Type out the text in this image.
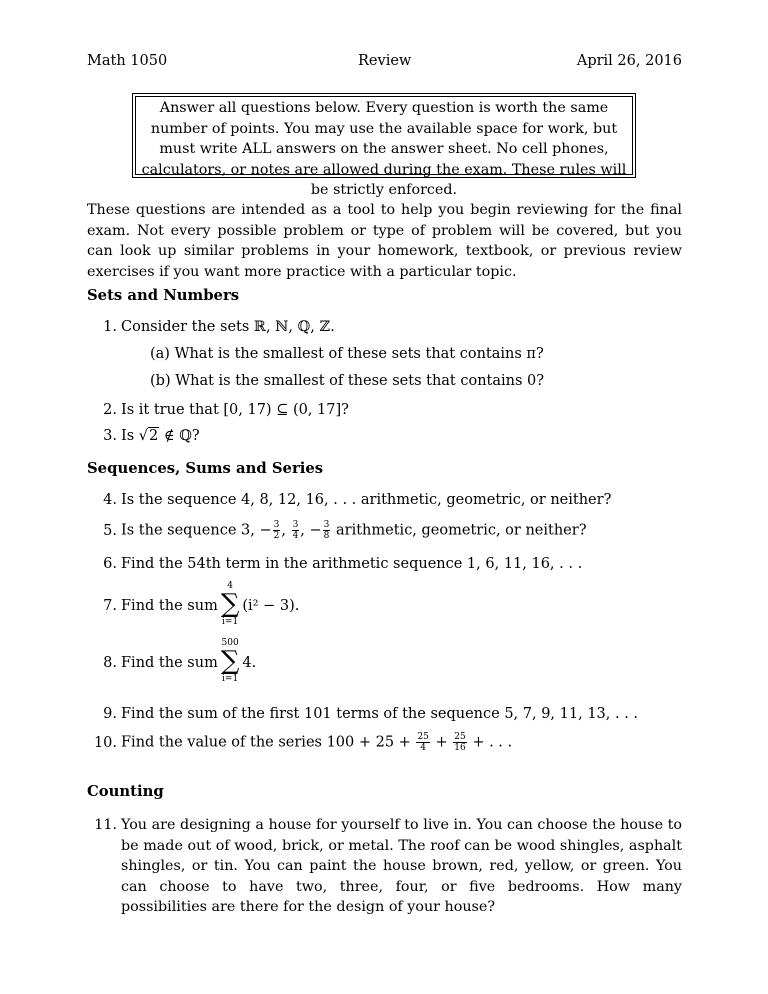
Math 1050	Review	April 26, 2016
Answer all questions below. Every question is worth the same number of points. You may use the available space for work, but must write ALL answers on the answer sheet. No cell phones, calculators, or notes are allowed during the exam. These rules will be strictly enforced.
These questions are intended as a tool to help you begin reviewing for the final exam. Not every possible problem or type of problem will be covered, but you can look up similar problems in your homework, textbook, or previous review exercises if you want more practice with a particular topic.
Sets and Numbers
1. Consider the sets ℝ, ℕ, ℚ, ℤ.
(a) What is the smallest of these sets that contains π?
(b) What is the smallest of these sets that contains 0?
2. Is it true that [0, 17) ⊆ (0, 17]?
3. Is √2 ∉ ℚ?
Sequences, Sums and Series
4. Is the sequence 4, 8, 12, 16, . . . arithmetic, geometric, or neither?
5. Is the sequence 3, − $\frac{3}{2}$ , $\frac{3}{4}$ , − $\frac{3}{8}$ arithmetic, geometric, or neither?
6. Find the 54th term in the arithmetic sequence 1, 6, 11, 16, . . .
7. Find the sum
4
∑
i=1
(i² − 3).
8. Find the sum
500
∑
i=1
4.
9. Find the sum of the first 101 terms of the sequence 5, 7, 9, 11, 13, . . .
10. Find the value of the series $100 + 25 + \frac{25}{4} + \frac{25}{16}$ + . . .
Counting
11. You are designing a house for yourself to live in. You can choose the house to be made out of wood, brick, or metal. The roof can be wood shingles, asphalt shingles, or tin. You can paint the house brown, red, yellow, or green. You can choose to have two, three, four, or five bedrooms. How many possibilities are there for the design of your house?
